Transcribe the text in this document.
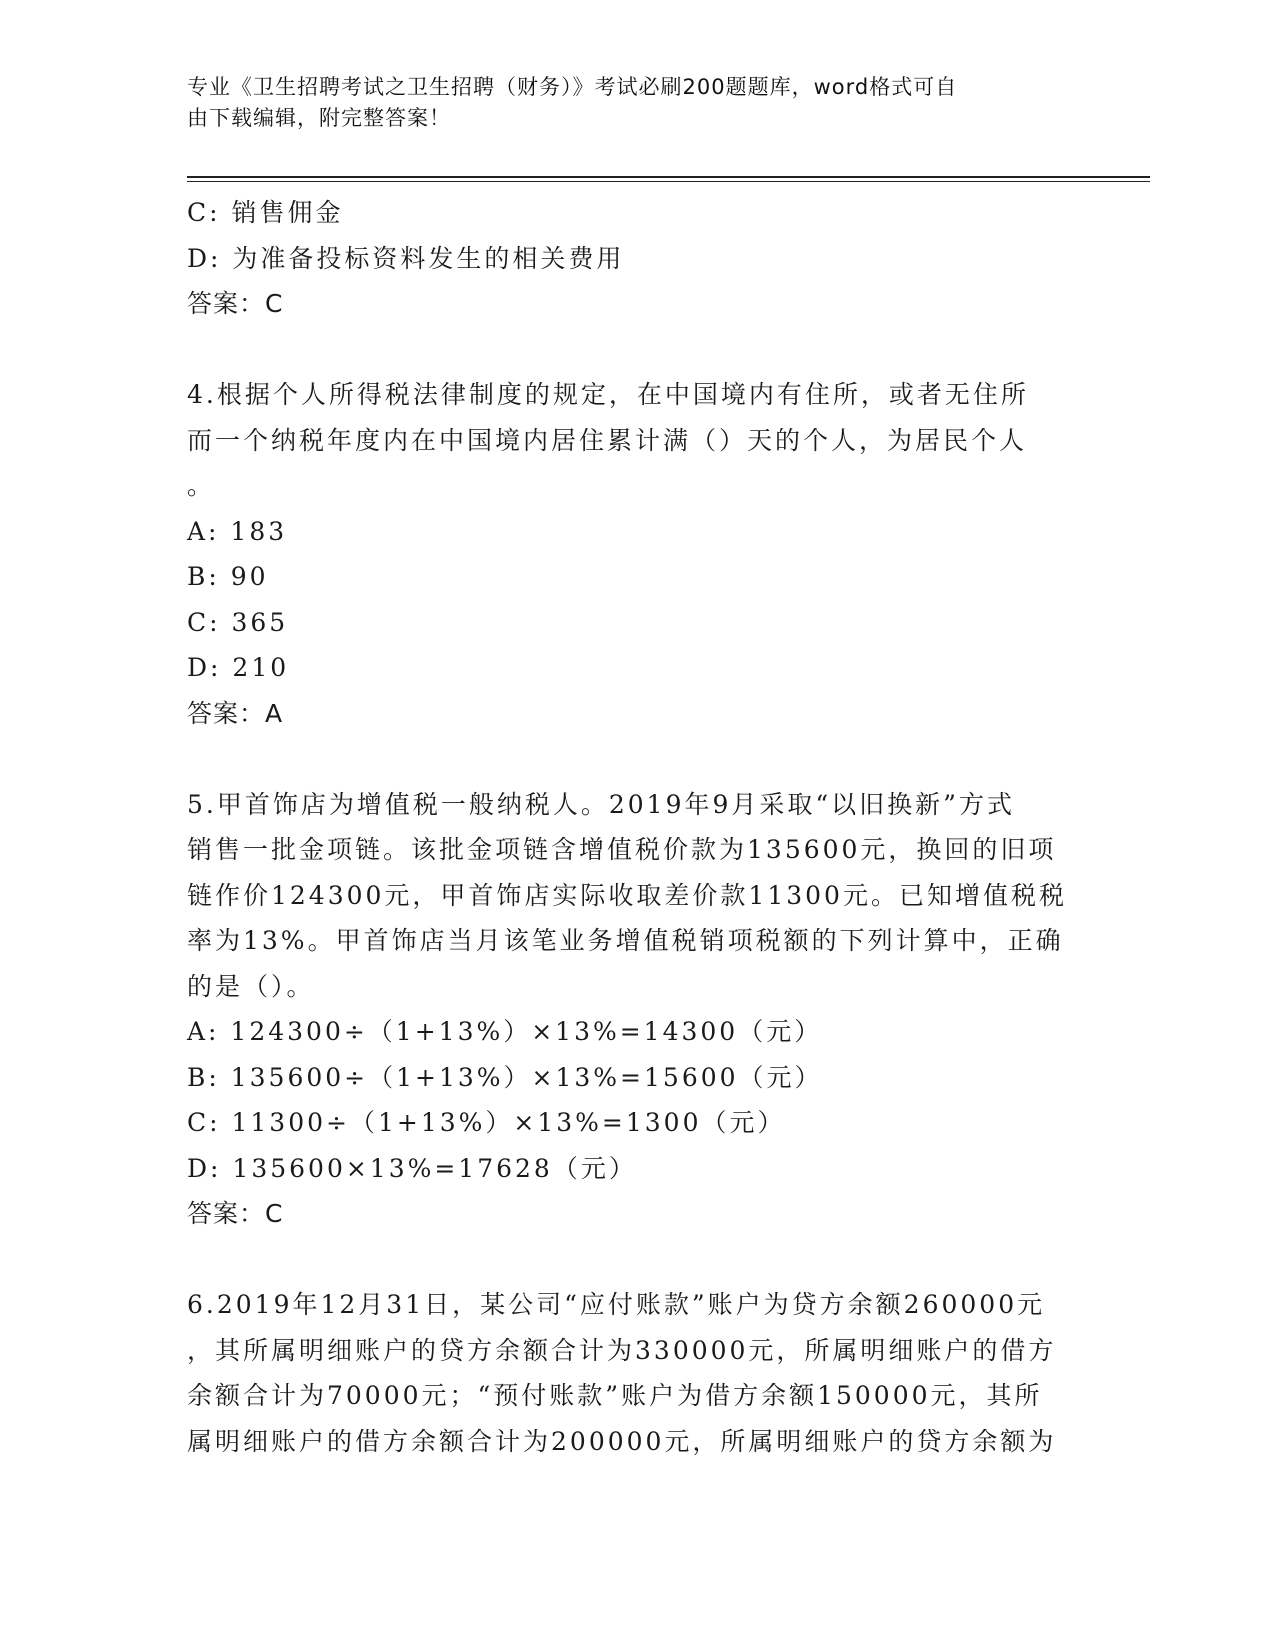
专业《卫生招聘考试之卫生招聘（财务）》考试必刷200题题库，word格式可自
由下载编辑，附完整答案！
C: 销售佣金
D: 为准备投标资料发生的相关费用
答案：C
4.根据个人所得税法律制度的规定，在中国境内有住所，或者无住所
而一个纳税年度内在中国境内居住累计满（）天的个人，为居民个人
。
A: 183
B: 90
C: 365
D: 210
答案：A
5.甲首饰店为增值税一般纳税人。2019年9月采取“以旧换新”方式
销售一批金项链。该批金项链含增值税价款为135600元，换回的旧项
链作价124300元，甲首饰店实际收取差价款11300元。已知增值税税
率为13%。甲首饰店当月该笔业务增值税销项税额的下列计算中，正确
的是（）。
A: 124300÷（1+13%）×13%=14300（元）
B: 135600÷（1+13%）×13%=15600（元）
C: 11300÷（1+13%）×13%=1300（元）
D: 135600×13%=17628（元）
答案：C
6.2019年12月31日，某公司“应付账款”账户为贷方余额260000元
，其所属明细账户的贷方余额合计为330000元，所属明细账户的借方
余额合计为70000元；“预付账款”账户为借方余额150000元，其所
属明细账户的借方余额合计为200000元，所属明细账户的贷方余额为
